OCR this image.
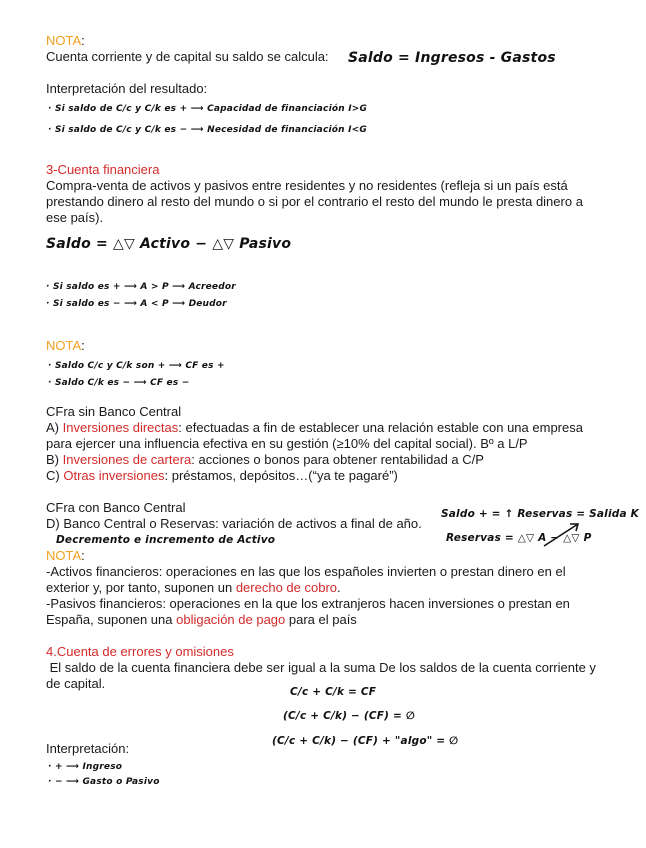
NOTA:
Cuenta corriente y de capital su saldo se calcula: Saldo = Ingresos - Gastos
Interpretación del resultado:
· Si saldo de C/c y C/k es + ⟶ Capacidad de financiación I>G
· Si saldo de C/c y C/k es − ⟶ Necesidad de financiación I<G
3-Cuenta financiera
Compra-venta de activos y pasivos entre residentes y no residentes (refleja si un país está
prestando dinero al resto del mundo o si por el contrario el resto del mundo le presta dinero a
ese país).
Saldo = △▽ Activo − △▽ Pasivo
· Si saldo es + ⟶ A > P ⟶ Acreedor
· Si saldo es − ⟶ A < P ⟶ Deudor
NOTA:
· Saldo C/c y C/k son + ⟶ CF es +
· Saldo C/k es − ⟶ CF es −
CFra sin Banco Central
A) Inversiones directas: efectuadas a fin de establecer una relación estable con una empresa
para ejercer una influencia efectiva en su gestión (≥10% del capital social). Bº a L/P
B) Inversiones de cartera: acciones o bonos para obtener rentabilidad a C/P
C) Otras inversiones: préstamos, depósitos…(“ya te pagaré”)
CFra con Banco Central
D) Banco Central o Reservas: variación de activos a final de año.
Decremento e incremento de Activo
Saldo + = ↑ Reservas = Salida K
Reservas = △▽ A − △▽ P
NOTA:
-Activos financieros: operaciones en las que los españoles invierten o prestan dinero en el
exterior y, por tanto, suponen un derecho de cobro.
-Pasivos financieros: operaciones en la que los extranjeros hacen inversiones o prestan en
España, suponen una obligación de pago para el país
4.Cuenta de errores y omisiones
El saldo de la cuenta financiera debe ser igual a la suma De los saldos de la cuenta corriente y
de capital.
C/c + C/k = CF
(C/c + C/k) − (CF) = ∅
(C/c + C/k) − (CF) + "algo" = ∅
Interpretación:
· + ⟶ Ingreso
· − ⟶ Gasto o Pasivo
